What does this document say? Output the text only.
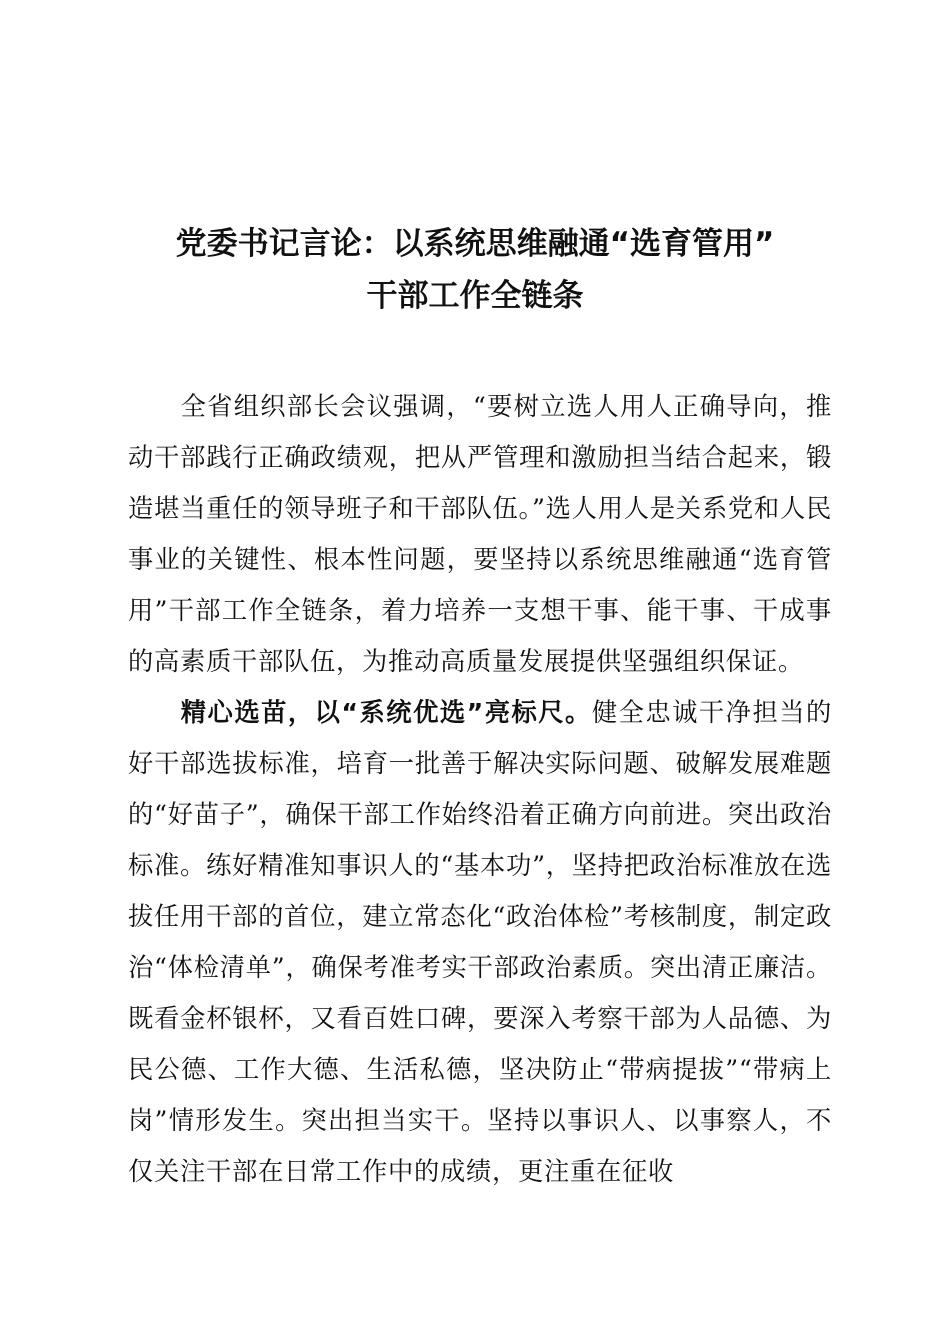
党委书记言论：以系统思维融通“选育管用”
干部工作全链条

全省组织部长会议强调，“要树立选人用人正确导向，推动干部践行正确政绩观，把从严管理和激励担当结合起来，锻造堪当重任的领导班子和干部队伍。”选人用人是关系党和人民事业的关键性、根本性问题，要坚持以系统思维融通“选育管用”干部工作全链条，着力培养一支想干事、能干事、干成事的高素质干部队伍，为推动高质量发展提供坚强组织保证。

精心选苗，以“系统优选”亮标尺。健全忠诚干净担当的好干部选拔标准，培育一批善于解决实际问题、破解发展难题的“好苗子”，确保干部工作始终沿着正确方向前进。突出政治标准。练好精准知事识人的“基本功”，坚持把政治标准放在选拔任用干部的首位，建立常态化“政治体检”考核制度，制定政治“体检清单”，确保考准考实干部政治素质。突出清正廉洁。既看金杯银杯，又看百姓口碑，要深入考察干部为人品德、为民公德、工作大德、生活私德，坚决防止“带病提拔”“带病上岗”情形发生。突出担当实干。坚持以事识人、以事察人，不仅关注干部在日常工作中的成绩，更注重在征收
